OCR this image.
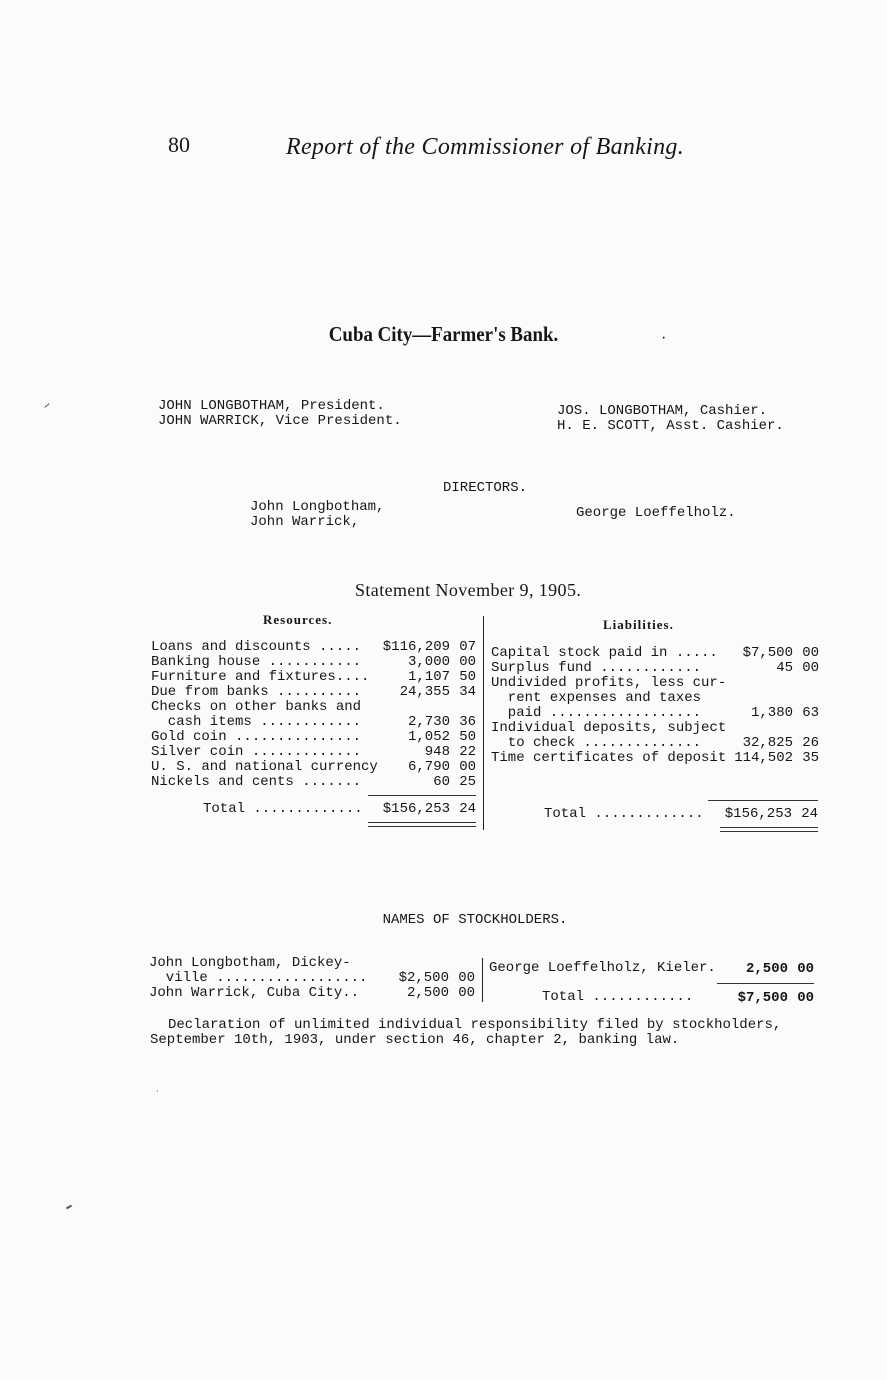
80	Report of the Commissioner of Banking.
Cuba City—Farmer's Bank.	·
JOHN LONGBOTHAM, President.
JOHN WARRICK, Vice President.
JOS. LONGBOTHAM, Cashier.
H. E. SCOTT, Asst. Cashier.
DIRECTORS.
John Longbotham,
John Warrick,
George Loeffelholz.
Statement November 9, 1905.
Resources.	Liabilities.
Loans and discounts ..... $116,209 07
Banking house ...........	3,000 00
Furniture and fixtures....	1,107 50
Due from banks ..........	24,355 34
Checks on other banks and
cash items ............	2,730 36
Gold coin ...............	1,052 50
Silver coin .............	948 22
U. S. and national currency 6,790 00
Nickels and cents .......	60 25
Total ............. $156,253 24
Capital stock paid in ..... $7,500 00
Surplus fund ............	45 00
Undivided profits, less cur-
rent expenses and taxes
paid ..................	1,380 63
Individual deposits, subject
to check ..............	32,825 26
Time certificates of deposit 114,502 35
Total ............. $156,253 24
NAMES OF STOCKHOLDERS.
John Longbotham, Dickey-
ville .................. $2,500 00
John Warrick, Cuba City..	2,500 00
George Loeffelholz, Kieler. 2,500 00
Total ............	$7,500 00
Declaration of unlimited individual responsibility filed by stockholders, September 10th, 1903, under section 46, chapter 2, banking law.
